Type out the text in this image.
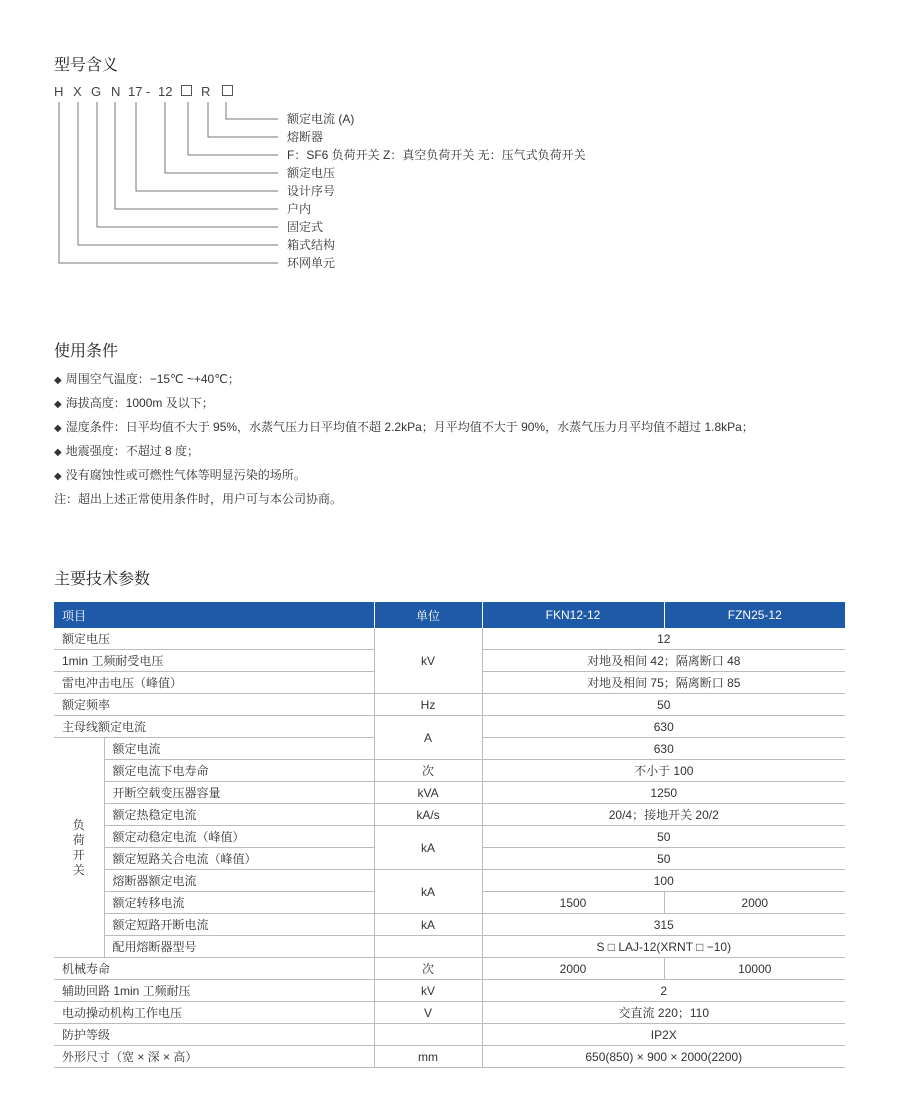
型号含义
H X G N 17 - 12 R
额定电流 (A)
熔断器
F：SF6 负荷开关 Z：真空负荷开关 无：压气式负荷开关
额定电压
设计序号
户内
固定式
箱式结构
环网单元
使用条件
◆ 周围空气温度：−15℃ ~+40℃；
◆ 海拔高度：1000m 及以下；
◆ 湿度条件：日平均值不大于 95%，水蒸气压力日平均值不超 2.2kPa；月平均值不大于 90%，水蒸气压力月平均值不超过 1.8kPa；
◆ 地震强度：不超过 8 度；
◆ 没有腐蚀性或可燃性气体等明显污染的场所。
注：超出上述正常使用条件时，用户可与本公司协商。
主要技术参数
项目		单位	FKN12-12	FZN25-12
额定电压		kV	12	
1min 工频耐受电压			对地及相间 42；隔离断口 48	
雷电冲击电压（峰值）			对地及相间 75；隔离断口 85	
额定频率		Hz	50	
主母线额定电流		A	630	
负
荷
开
关	额定电流		630	
	额定电流下电寿命	次	不小于 100	
	开断空载变压器容量	kVA	1250	
	额定热稳定电流	kA/s	20/4；接地开关 20/2	
	额定动稳定电流（峰值）	kA	50	
	额定短路关合电流（峰值）		50	
	熔断器额定电流	kA	100	
	额定转移电流		1500	2000
	额定短路开断电流	kA	315	
	配用熔断器型号		S □ LAJ-12(XRNT □ −10)	
机械寿命		次	2000	10000
辅助回路 1min 工频耐压		kV	2	
电动操动机构工作电压		V	交直流 220；110	
防护等级			IP2X	
外形尺寸（宽 × 深 × 高）		mm	650(850) × 900 × 2000(2200)	
